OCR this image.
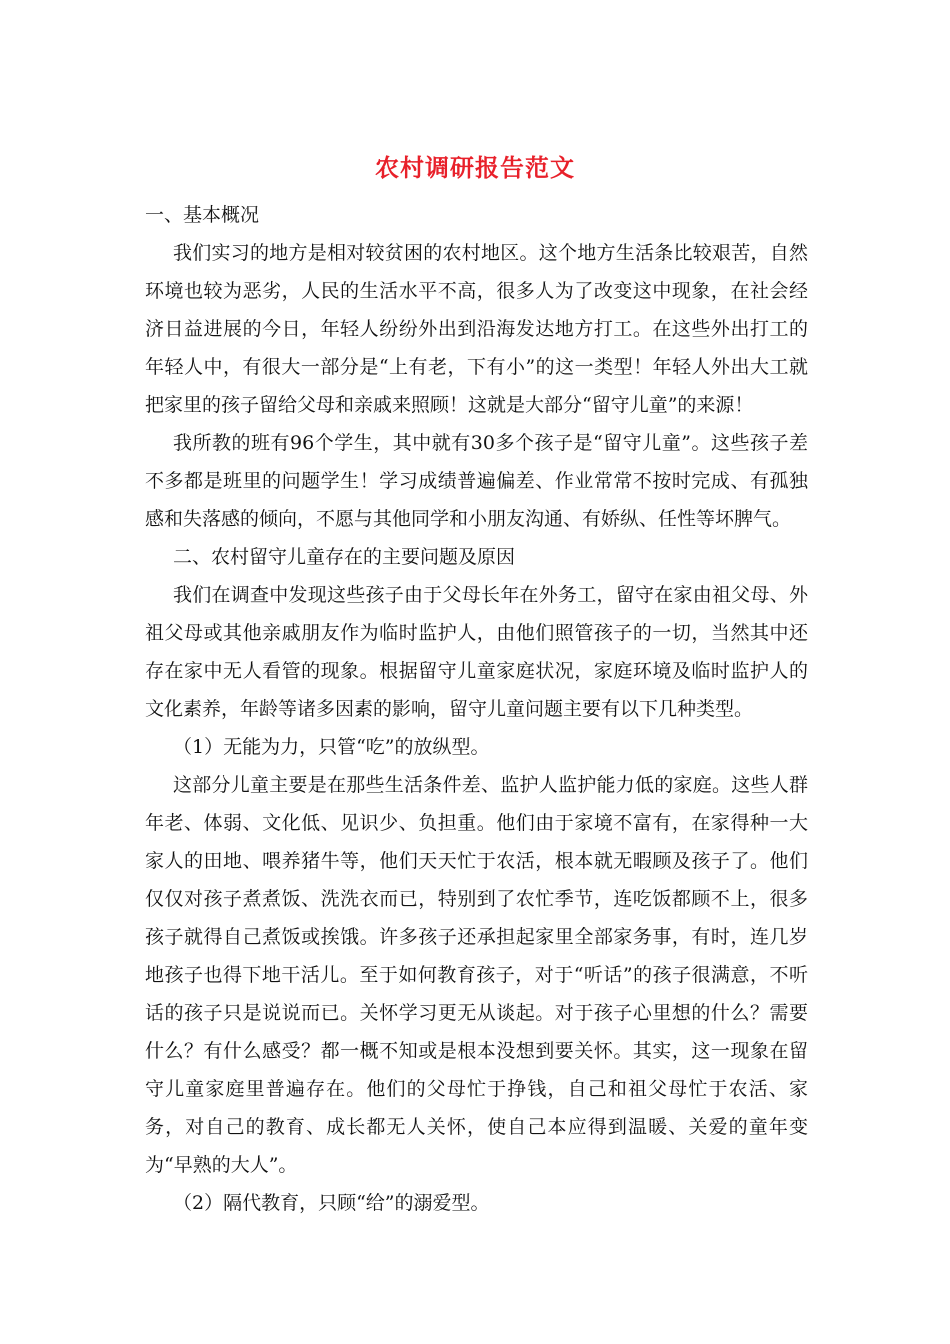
农村调研报告范文

一、基本概况

我们实习的地方是相对较贫困的农村地区。这个地方生活条比较艰苦，自然环境也较为恶劣，人民的生活水平不高，很多人为了改变这中现象，在社会经济日益进展的今日，年轻人纷纷外出到沿海发达地方打工。在这些外出打工的年轻人中，有很大一部分是“上有老，下有小”的这一类型！年轻人外出大工就把家里的孩子留给父母和亲戚来照顾！这就是大部分“留守儿童”的来源！

我所教的班有96个学生，其中就有30多个孩子是“留守儿童”。这些孩子差不多都是班里的问题学生！学习成绩普遍偏差、作业常常不按时完成、有孤独感和失落感的倾向，不愿与其他同学和小朋友沟通、有娇纵、任性等坏脾气。

二、农村留守儿童存在的主要问题及原因

我们在调查中发现这些孩子由于父母长年在外务工，留守在家由祖父母、外祖父母或其他亲戚朋友作为临时监护人，由他们照管孩子的一切，当然其中还存在家中无人看管的现象。根据留守儿童家庭状况，家庭环境及临时监护人的文化素养，年龄等诸多因素的影响，留守儿童问题主要有以下几种类型。

（1）无能为力，只管“吃”的放纵型。

这部分儿童主要是在那些生活条件差、监护人监护能力低的家庭。这些人群年老、体弱、文化低、见识少、负担重。他们由于家境不富有，在家得种一大家人的田地、喂养猪牛等，他们天天忙于农活，根本就无暇顾及孩子了。他们仅仅对孩子煮煮饭、洗洗衣而已，特别到了农忙季节，连吃饭都顾不上，很多孩子就得自己煮饭或挨饿。许多孩子还承担起家里全部家务事，有时，连几岁地孩子也得下地干活儿。至于如何教育孩子，对于“听话”的孩子很满意，不听话的孩子只是说说而已。关怀学习更无从谈起。对于孩子心里想的什么？需要什么？有什么感受？都一概不知或是根本没想到要关怀。其实，这一现象在留守儿童家庭里普遍存在。他们的父母忙于挣钱，自己和祖父母忙于农活、家务，对自己的教育、成长都无人关怀，使自己本应得到温暖、关爱的童年变为“早熟的大人”。

（2）隔代教育，只顾“给”的溺爱型。
